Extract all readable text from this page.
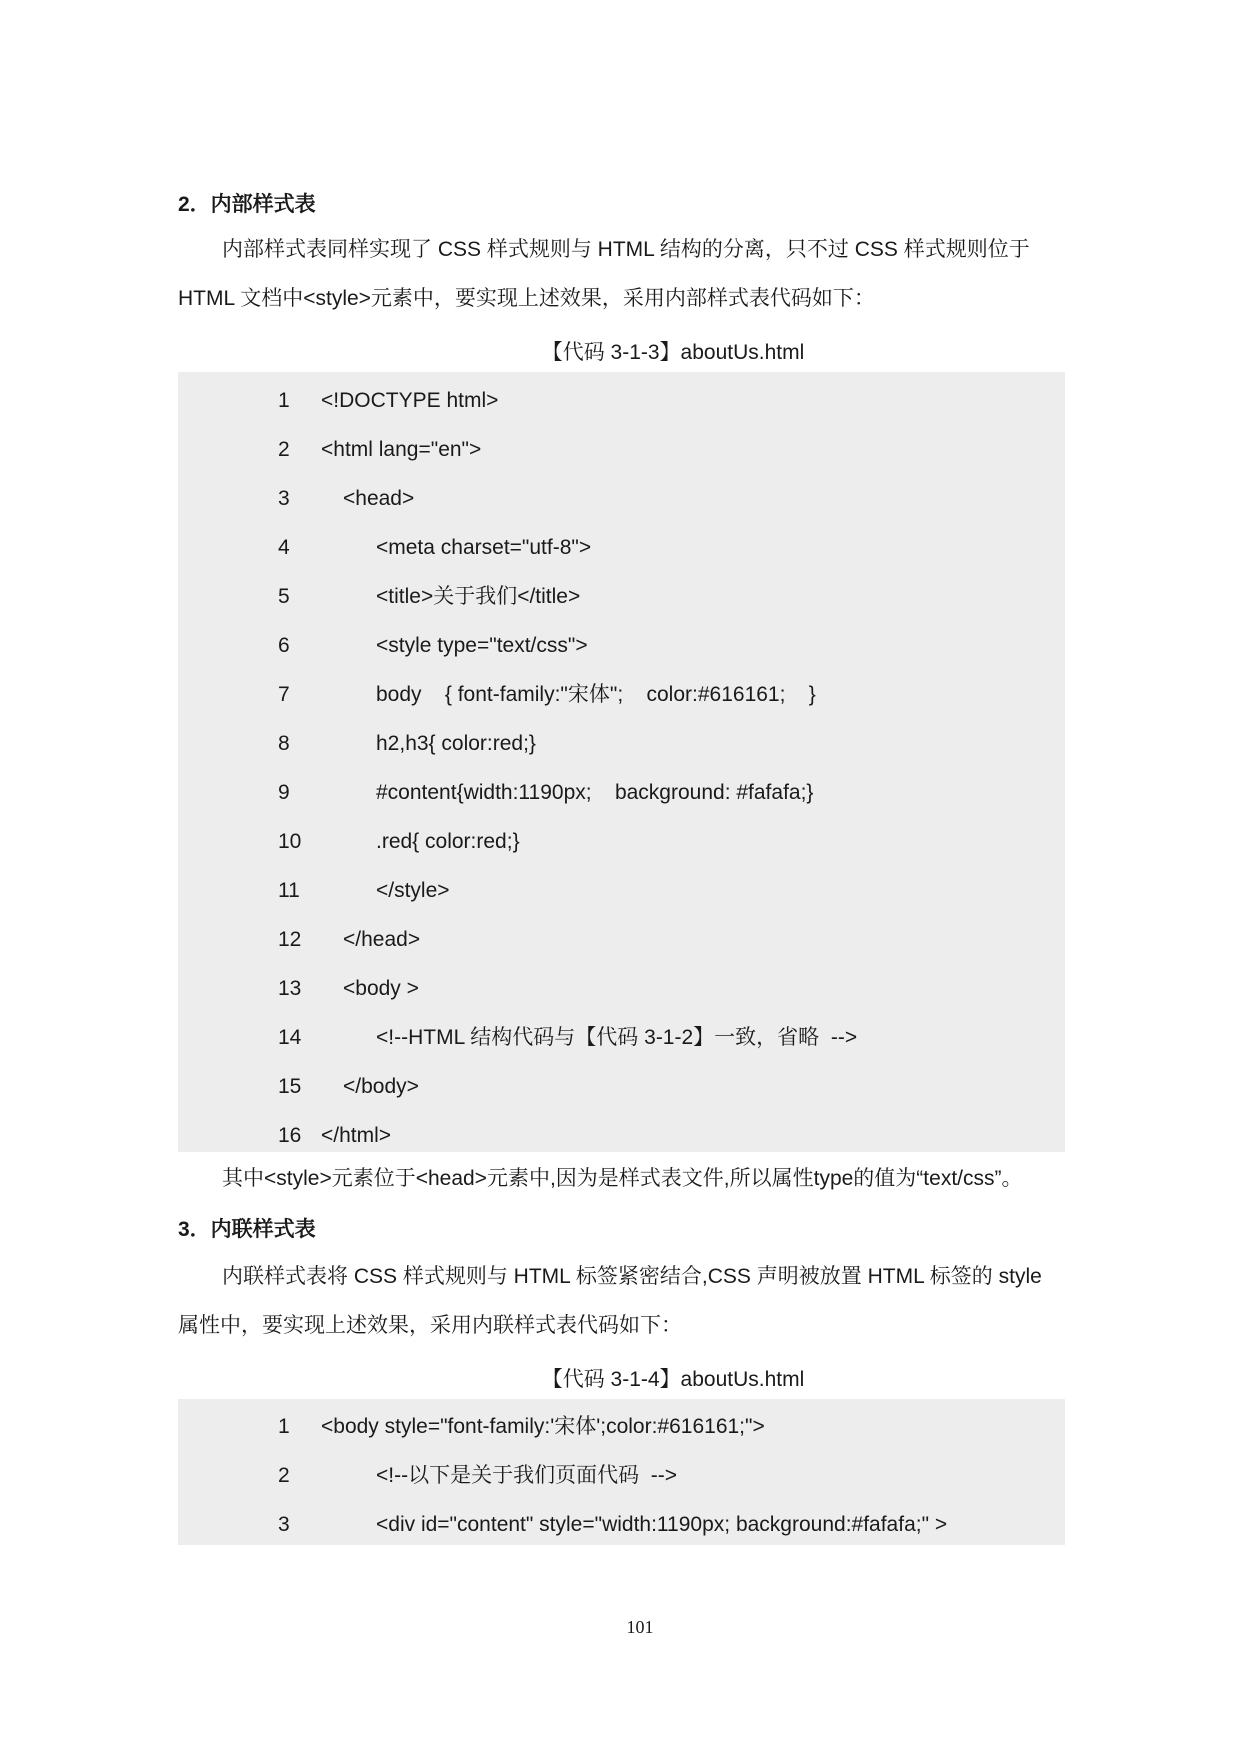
2．内部样式表

内部样式表同样实现了 CSS 样式规则与 HTML 结构的分离，只不过 CSS 样式规则位于 HTML 文档中<style>元素中，要实现上述效果，采用内部样式表代码如下：

【代码 3-1-3】aboutUs.html
1 <!DOCTYPE html>
2 <html lang="en">
3	<head>
4	<meta charset="utf-8">
5	<title>关于我们</title>
6	<style type="text/css">
7	body    { font-family:"宋体";    color:#616161;    }
8	h2,h3{ color:red;}
9	#content{width:1190px;    background: #fafafa;}
10	.red{ color:red;}
11	</style>
12 </head>
13 <body >
14	<!--HTML 结构代码与【代码 3-1-2】一致，省略  -->
15 </body>
16 </html>

其中<style>元素位于<head>元素中,因为是样式表文件,所以属性type的值为“text/css”。

3．内联样式表

内联样式表将 CSS 样式规则与 HTML 标签紧密结合,CSS 声明被放置 HTML 标签的 style 属性中，要实现上述效果，采用内联样式表代码如下：

【代码 3-1-4】aboutUs.html
1 <body style="font-family:'宋体';color:#616161;">
2	<!--以下是关于我们页面代码  -->
3	<div id="content" style="width:1190px; background:#fafafa;" >
101
